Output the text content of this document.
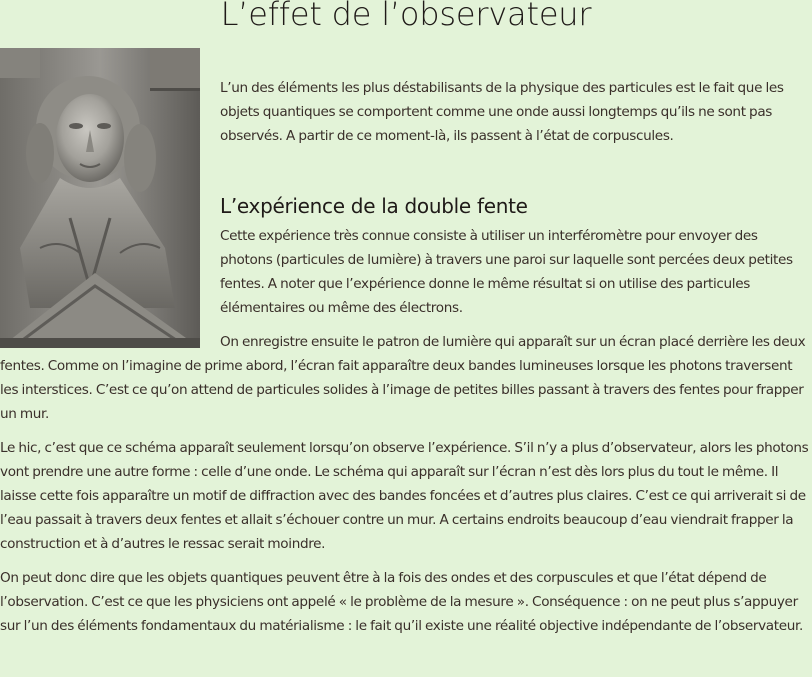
L’effet de l’observateur

L’un des éléments les plus déstabilisants de la physique des particules est le fait que les objets quantiques se comportent comme une onde aussi longtemps qu’ils ne sont pas observés. A partir de ce moment-là, ils passent à l’état de corpuscules.

L’expérience de la double fente

Cette expérience très connue consiste à utiliser un interféromètre pour envoyer des photons (particules de lumière) à travers une paroi sur laquelle sont percées deux petites fentes. A noter que l’expérience donne le même résultat si on utilise des particules élémentaires ou même des électrons.

On enregistre ensuite le patron de lumière qui apparaît sur un écran placé derrière les deux fentes. Comme on l’imagine de prime abord, l’écran fait apparaître deux bandes lumineuses lorsque les photons traversent les interstices. C’est ce qu’on attend de particules solides à l’image de petites billes passant à travers des fentes pour frapper un mur.

Le hic, c’est que ce schéma apparaît seulement lorsqu’on observe l’expérience. S’il n’y a plus d’observateur, alors les photons vont prendre une autre forme : celle d’une onde. Le schéma qui apparaît sur l’écran n’est dès lors plus du tout le même. Il laisse cette fois apparaître un motif de diffraction avec des bandes foncées et d’autres plus claires. C’est ce qui arriverait si de l’eau passait à travers deux fentes et allait s’échouer contre un mur. A certains endroits beaucoup d’eau viendrait frapper la construction et à d’autres le ressac serait moindre.

On peut donc dire que les objets quantiques peuvent être à la fois des ondes et des corpuscules et que l’état dépend de l’observation. C’est ce que les physiciens ont appelé « le problème de la mesure ». Conséquence : on ne peut plus s’appuyer sur l’un des éléments fondamentaux du matérialisme : le fait qu’il existe une réalité objective indépendante de l’observateur.
